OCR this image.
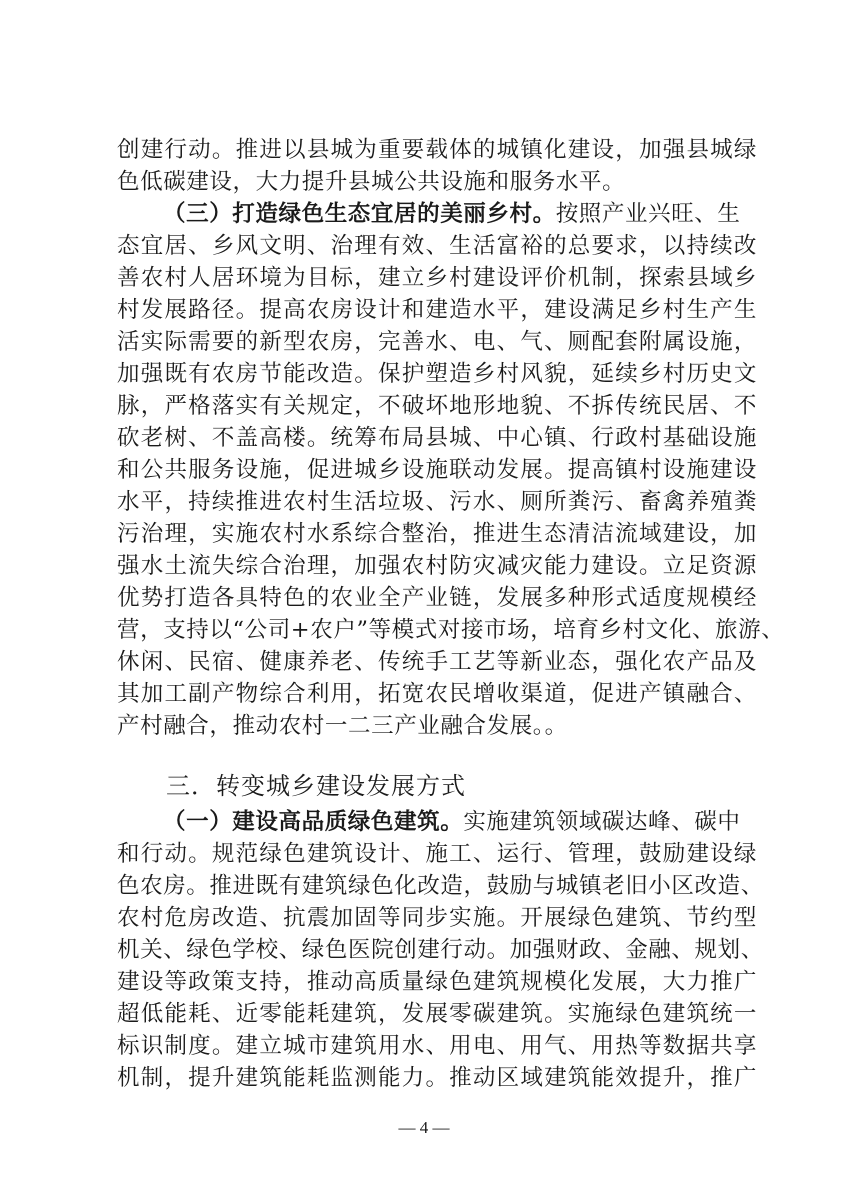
创建行动。推进以县城为重要载体的城镇化建设，加强县城绿
色低碳建设，大力提升县城公共设施和服务水平。
（三）打造绿色生态宜居的美丽乡村。按照产业兴旺、生
态宜居、乡风文明、治理有效、生活富裕的总要求，以持续改
善农村人居环境为目标，建立乡村建设评价机制，探索县域乡
村发展路径。提高农房设计和建造水平，建设满足乡村生产生
活实际需要的新型农房，完善水、电、气、厕配套附属设施，
加强既有农房节能改造。保护塑造乡村风貌，延续乡村历史文
脉，严格落实有关规定，不破坏地形地貌、不拆传统民居、不
砍老树、不盖高楼。统筹布局县城、中心镇、行政村基础设施
和公共服务设施，促进城乡设施联动发展。提高镇村设施建设
水平，持续推进农村生活垃圾、污水、厕所粪污、畜禽养殖粪
污治理，实施农村水系综合整治，推进生态清洁流域建设，加
强水土流失综合治理，加强农村防灾减灾能力建设。立足资源
优势打造各具特色的农业全产业链，发展多种形式适度规模经
营，支持以“公司+农户”等模式对接市场，培育乡村文化、旅游、
休闲、民宿、健康养老、传统手工艺等新业态，强化农产品及
其加工副产物综合利用，拓宽农民增收渠道，促进产镇融合、
产村融合，推动农村一二三产业融合发展。。
三．转变城乡建设发展方式
（一）建设高品质绿色建筑。实施建筑领域碳达峰、碳中
和行动。规范绿色建筑设计、施工、运行、管理，鼓励建设绿
色农房。推进既有建筑绿色化改造，鼓励与城镇老旧小区改造、
农村危房改造、抗震加固等同步实施。开展绿色建筑、节约型
机关、绿色学校、绿色医院创建行动。加强财政、金融、规划、
建设等政策支持，推动高质量绿色建筑规模化发展，大力推广
超低能耗、近零能耗建筑，发展零碳建筑。实施绿色建筑统一
标识制度。建立城市建筑用水、用电、用气、用热等数据共享
机制，提升建筑能耗监测能力。推动区域建筑能效提升，推广
— 4 —
